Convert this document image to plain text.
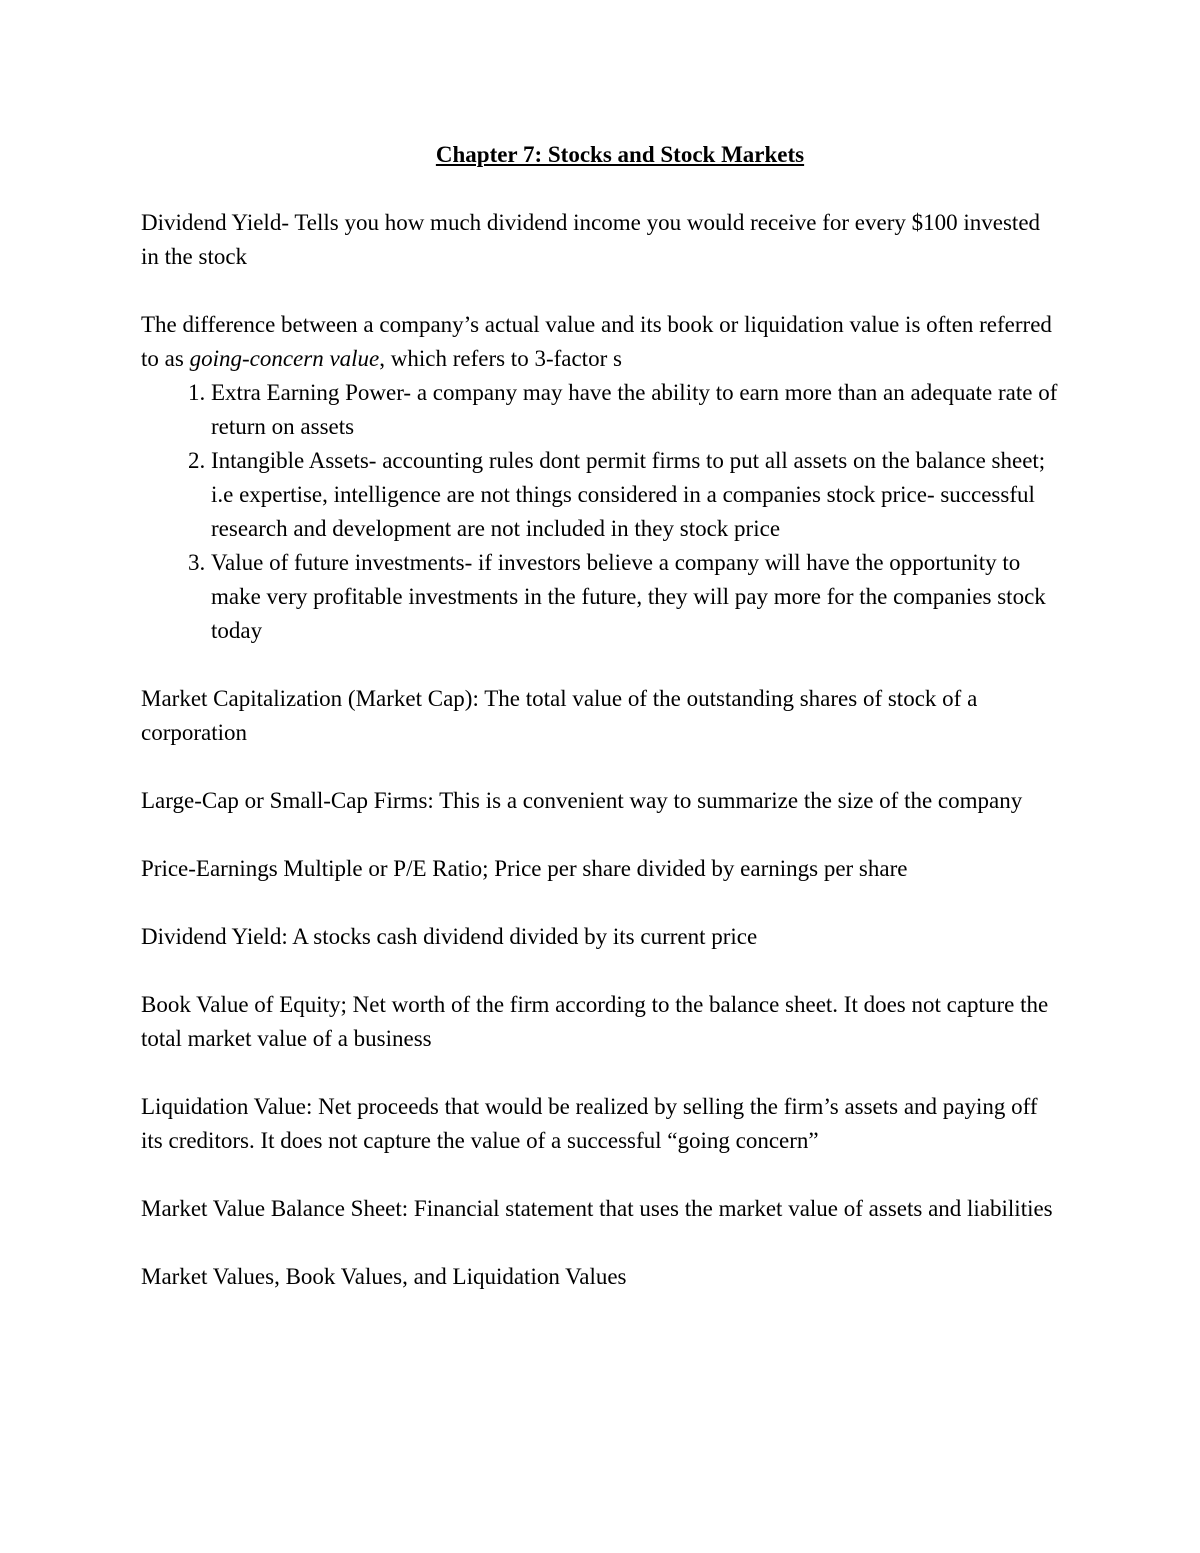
Chapter 7: Stocks and Stock Markets

Dividend Yield- Tells you how much dividend income you would receive for every $100 invested in the stock

The difference between a company’s actual value and its book or liquidation value is often referred to as going-concern value, which refers to 3-factor s

1. Extra Earning Power- a company may have the ability to earn more than an adequate rate of return on assets
2. Intangible Assets- accounting rules dont permit firms to put all assets on the balance sheet; i.e expertise, intelligence are not things considered in a companies stock price- successful research and development are not included in they stock price
3. Value of future investments- if investors believe a company will have the opportunity to make very profitable investments in the future, they will pay more for the companies stock today

Market Capitalization (Market Cap): The total value of the outstanding shares of stock of a corporation

Large-Cap or Small-Cap Firms: This is a convenient way to summarize the size of the company

Price-Earnings Multiple or P/E Ratio; Price per share divided by earnings per share

Dividend Yield: A stocks cash dividend divided by its current price

Book Value of Equity; Net worth of the firm according to the balance sheet. It does not capture the total market value of a business

Liquidation Value: Net proceeds that would be realized by selling the firm’s assets and paying off its creditors. It does not capture the value of a successful “going concern”

Market Value Balance Sheet: Financial statement that uses the market value of assets and liabilities

Market Values, Book Values, and Liquidation Values
